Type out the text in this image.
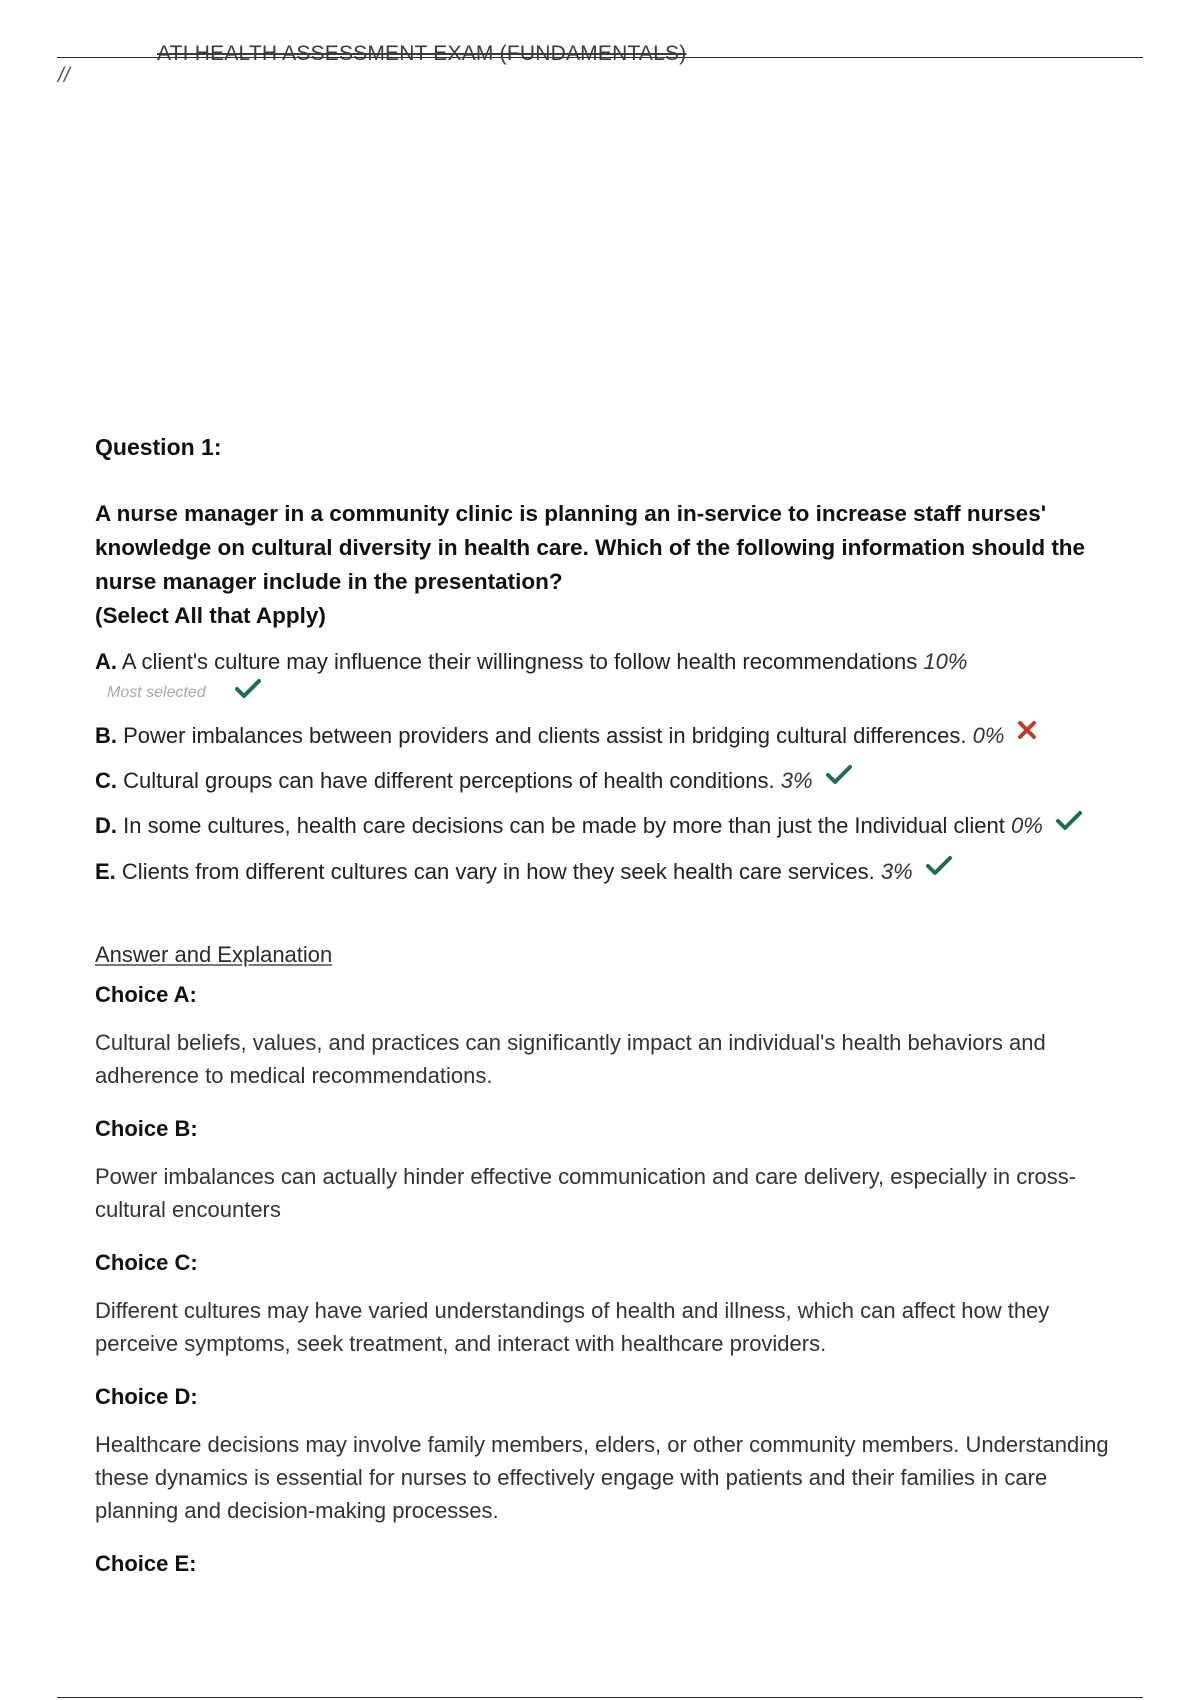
ATI HEALTH ASSESSMENT EXAM (FUNDAMENTALS)
//

Question 1:

A nurse manager in a community clinic is planning an in-service to increase staff nurses' knowledge on cultural diversity in health care. Which of the following information should the nurse manager include in the presentation?

(Select All that Apply)

A. A client's culture may influence their willingness to follow health recommendations 10%
Most selected
B. Power imbalances between providers and clients assist in bridging cultural differences. 0%
C. Cultural groups can have different perceptions of health conditions. 3%
D. In some cultures, health care decisions can be made by more than just the Individual client 0%
E. Clients from different cultures can vary in how they seek health care services. 3%
Answer and Explanation

Choice A:

Cultural beliefs, values, and practices can significantly impact an individual's health behaviors and adherence to medical recommendations.

Choice B:

Power imbalances can actually hinder effective communication and care delivery, especially in cross- cultural encounters

Choice C:

Different cultures may have varied understandings of health and illness, which can affect how they perceive symptoms, seek treatment, and interact with healthcare providers.

Choice D:

Healthcare decisions may involve family members, elders, or other community members. Understanding these dynamics is essential for nurses to effectively engage with patients and their families in care planning and decision-making processes.

Choice E:
